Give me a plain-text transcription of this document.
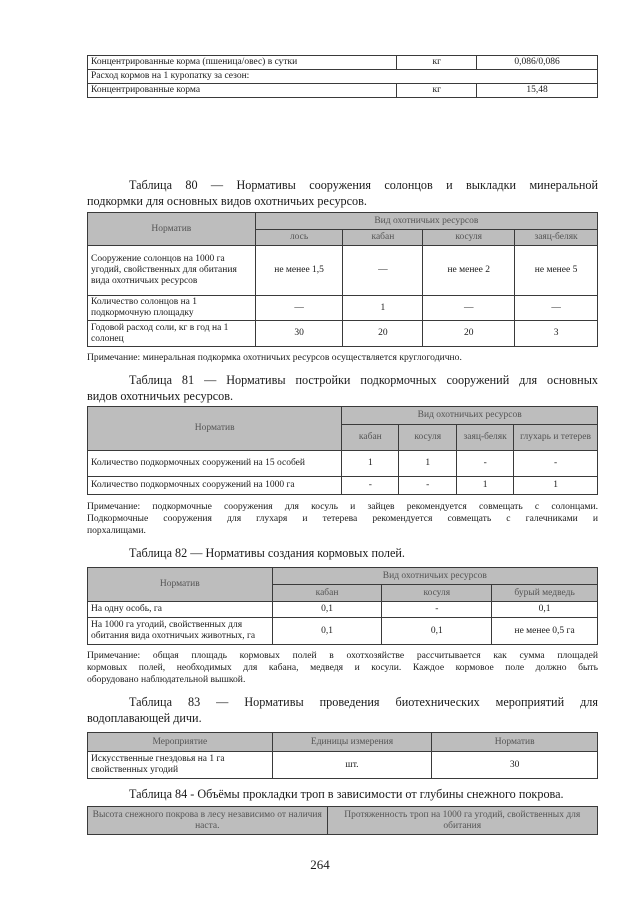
Концентрированные корма (пшеница/овес) в сутки	кг	0,086/0,086
Расход кормов на 1 куропатку за сезон:		
Концентрированные корма	кг	15,48
Таблица 80 — Нормативы сооружения солонцов и выкладки минеральной
подкормки для основных видов охотничьих ресурсов.
Норматив	Вид охотничьих ресурсов			
	лось	кабан	косуля	заяц-беляк
Сооружение солонцов на 1000 га угодий, свойственных для обитания вида охотничьих ресурсов	не менее 1,5	—	не менее 2	не менее 5
Количество солонцов на 1 подкормочную площадку	—	1	—	—
Годовой расход соли, кг в год на 1 солонец	30	20	20	3
Примечание: минеральная подкормка охотничьих ресурсов осуществляется круглогодично.
Таблица 81 — Нормативы постройки подкормочных сооружений для основных
видов охотничьих ресурсов.
Норматив	Вид охотничьих ресурсов			
	кабан	косуля	заяц-беляк	глухарь и тетерев
Количество подкормочных сооружений на 15 особей	1	1	-	-
Количество подкормочных сооружений на 1000 га	-	-	1	1
Примечание: подкормочные сооружения для косуль и зайцев рекомендуется совмещать с солонцами.
Подкормочные сооружения для глухаря и тетерева рекомендуется совмещать с галечниками и
порхалищами.
Таблица 82 — Нормативы создания кормовых полей.
Норматив	Вид охотничьих ресурсов		
	кабан	косуля	бурый медведь
На одну особь, га	0,1	-	0,1
На 1000 га угодий, свойственных для обитания вида охотничьих животных, га	0,1	0,1	не менее 0,5 га
Примечание: общая площадь кормовых полей в охотхозяйстве рассчитывается как сумма площадей
кормовых полей, необходимых для кабана, медведя и косули. Каждое кормовое поле должно быть
оборудовано наблюдательной вышкой.
Таблица 83 — Нормативы проведения биотехнических мероприятий для
водоплавающей дичи.
Мероприятие	Единицы измерения	Норматив
Искусственные гнездовья на 1 га свойственных угодий	шт.	30
Таблица 84 - Объёмы прокладки троп в зависимости от глубины снежного покрова.
Высота снежного покрова в лесу независимо от наличия наста.	Протяженность троп на 1000 га угодий, свойственных для обитания
264
